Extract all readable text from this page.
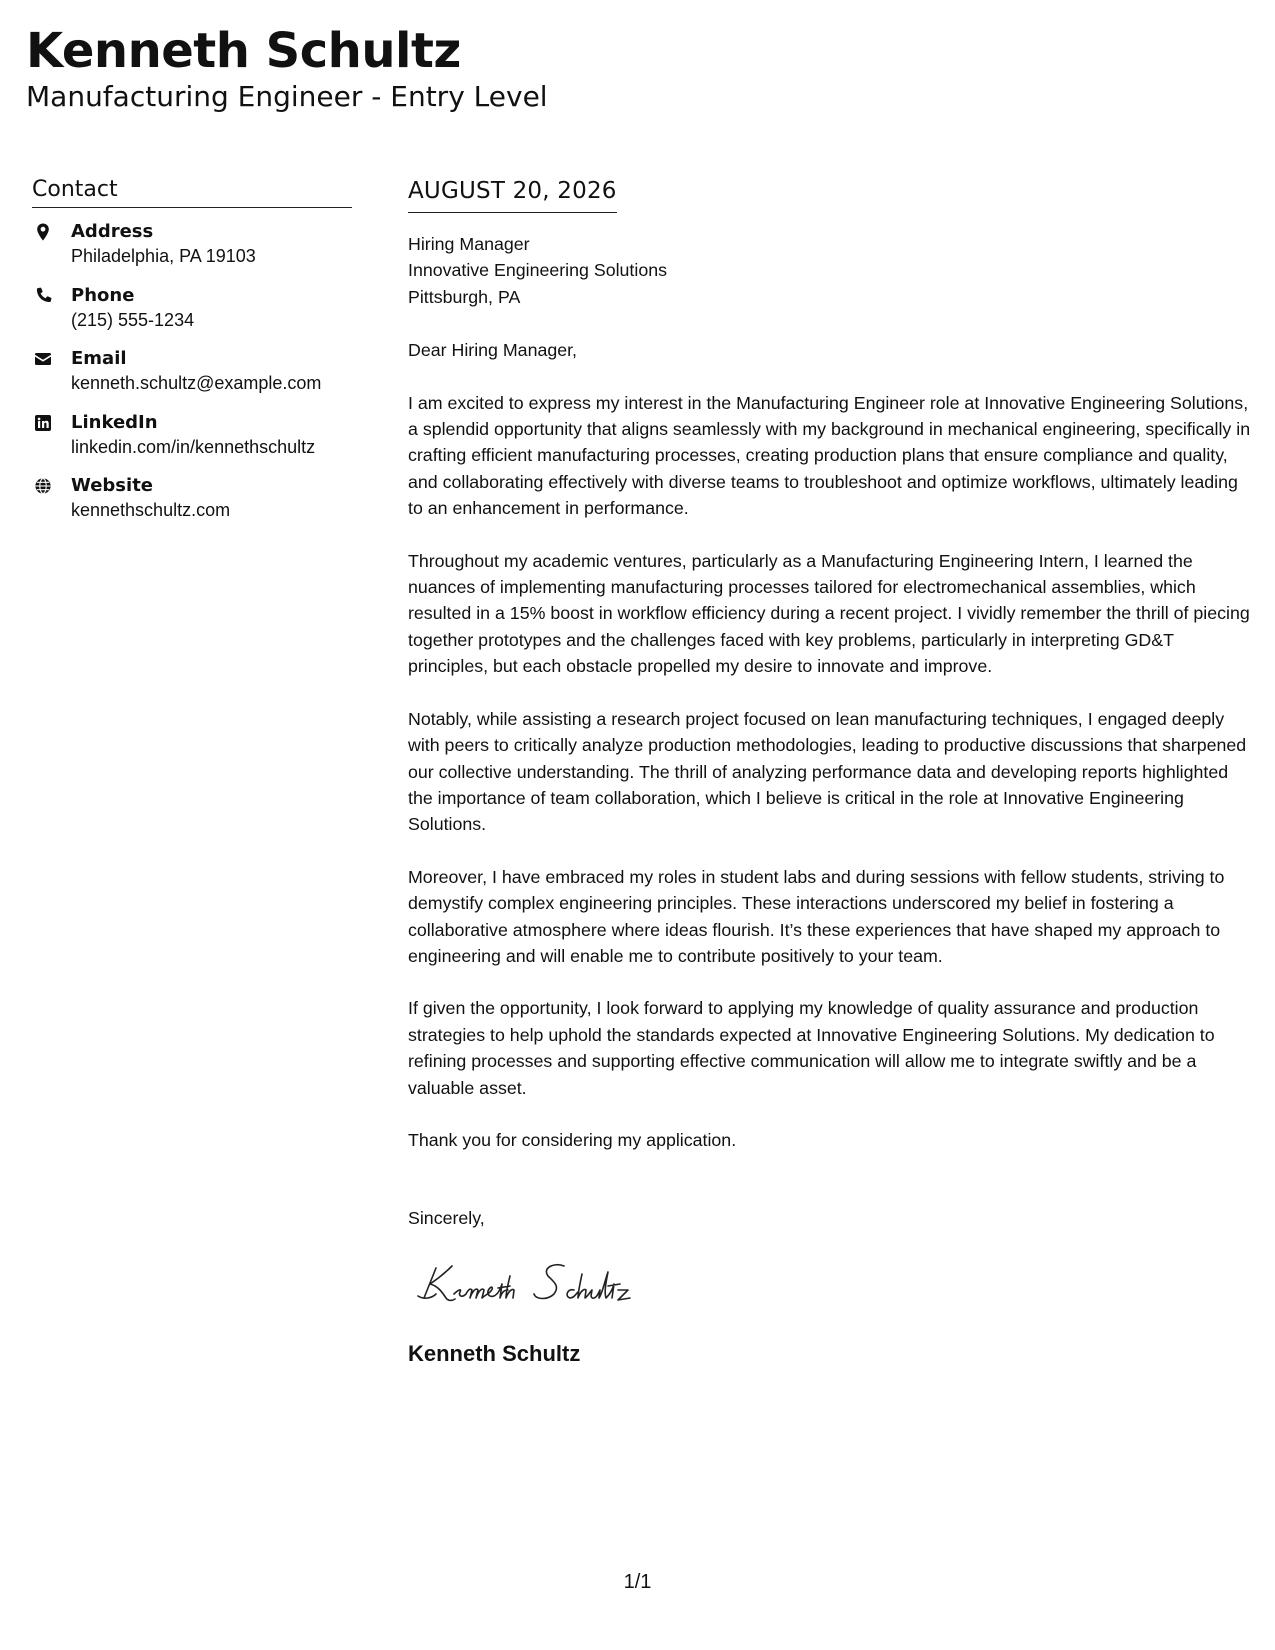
Kenneth Schultz
Manufacturing Engineer - Entry Level
Contact
Address
Philadelphia, PA 19103
Phone
(215) 555-1234
Email
kenneth.schultz@example.com
LinkedIn
linkedin.com/in/kennethschultz
Website
kennethschultz.com
AUGUST 20, 2026
Hiring Manager
Innovative Engineering Solutions
Pittsburgh, PA
Dear Hiring Manager,
I am excited to express my interest in the Manufacturing Engineer role at Innovative Engineering Solutions, a splendid opportunity that aligns seamlessly with my background in mechanical engineering, specifically in crafting efficient manufacturing processes, creating production plans that ensure compliance and quality, and collaborating effectively with diverse teams to troubleshoot and optimize workflows, ultimately leading to an enhancement in performance.
Throughout my academic ventures, particularly as a Manufacturing Engineering Intern, I learned the nuances of implementing manufacturing processes tailored for electromechanical assemblies, which resulted in a 15% boost in workflow efficiency during a recent project. I vividly remember the thrill of piecing together prototypes and the challenges faced with key problems, particularly in interpreting GD&T principles, but each obstacle propelled my desire to innovate and improve.
Notably, while assisting a research project focused on lean manufacturing techniques, I engaged deeply with peers to critically analyze production methodologies, leading to productive discussions that sharpened our collective understanding. The thrill of analyzing performance data and developing reports highlighted the importance of team collaboration, which I believe is critical in the role at Innovative Engineering Solutions.
Moreover, I have embraced my roles in student labs and during sessions with fellow students, striving to demystify complex engineering principles. These interactions underscored my belief in fostering a collaborative atmosphere where ideas flourish. It’s these experiences that have shaped my approach to engineering and will enable me to contribute positively to your team.
If given the opportunity, I look forward to applying my knowledge of quality assurance and production strategies to help uphold the standards expected at Innovative Engineering Solutions. My dedication to refining processes and supporting effective communication will allow me to integrate swiftly and be a valuable asset.
Thank you for considering my application.
Sincerely,
Kenneth Schultz
1/1
